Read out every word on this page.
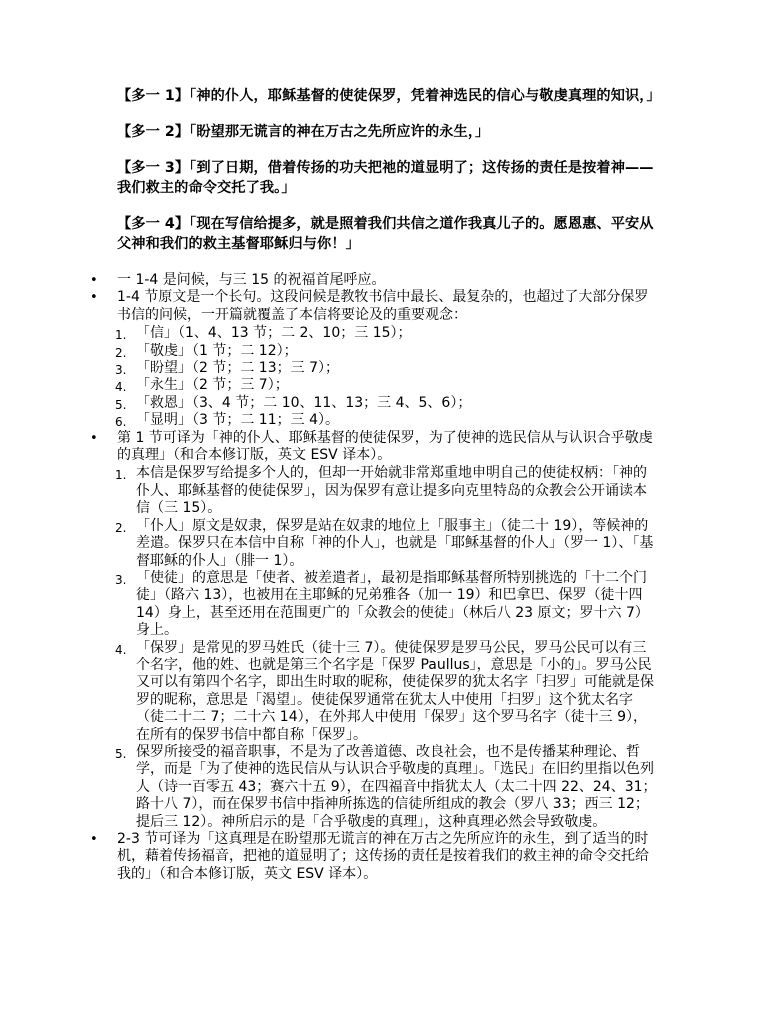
【多一 1】「神的仆人，耶稣基督的使徒保罗，凭着神选民的信心与敬虔真理的知识，」

【多一 2】「盼望那无谎言的神在万古之先所应许的永生，」

【多一 3】「到了日期，借着传扬的功夫把祂的道显明了；这传扬的责任是按着神——我们救主的命令交托了我。」

【多一 4】「现在写信给提多，就是照着我们共信之道作我真儿子的。愿恩惠、平安从父神和我们的救主基督耶稣归与你！」

• 一 1-4 是问候，与三 15 的祝福首尾呼应。
• 1-4 节原文是一个长句。这段问候是教牧书信中最长、最复杂的，也超过了大部分保罗书信的问候，一开篇就覆盖了本信将要论及的重要观念：
1. 「信」（1、4、13 节；二 2、10；三 15）；
2. 「敬虔」（1 节；二 12）；
3. 「盼望」（2 节；二 13；三 7）；
4. 「永生」（2 节；三 7）；
5. 「救恩」（3、4 节；二 10、11、13；三 4、5、6）；
6. 「显明」（3 节；二 11；三 4）。
• 第 1 节可译为「神的仆人、耶稣基督的使徒保罗，为了使神的选民信从与认识合乎敬虔的真理」（和合本修订版，英文 ESV 译本）。
1. 本信是保罗写给提多个人的，但却一开始就非常郑重地申明自己的使徒权柄：「神的仆人、耶稣基督的使徒保罗」，因为保罗有意让提多向克里特岛的众教会公开诵读本信（三 15）。
2. 「仆人」原文是奴隶，保罗是站在奴隶的地位上「服事主」（徒二十 19），等候神的差遣。保罗只在本信中自称「神的仆人」，也就是「耶稣基督的仆人」（罗一 1）、「基督耶稣的仆人」（腓一 1）。
3. 「使徒」的意思是「使者、被差遣者」，最初是指耶稣基督所特别挑选的「十二个门徒」（路六 13），也被用在主耶稣的兄弟雅各（加一 19）和巴拿巴、保罗（徒十四 14）身上，甚至还用在范围更广的「众教会的使徒」（林后八 23 原文；罗十六 7）身上。
4. 「保罗」是常见的罗马姓氏（徒十三 7）。使徒保罗是罗马公民，罗马公民可以有三个名字，他的姓、也就是第三个名字是「保罗 Paullus」，意思是「小的」。罗马公民又可以有第四个名字，即出生时取的昵称，使徒保罗的犹太名字「扫罗」可能就是保罗的昵称，意思是「渴望」。使徒保罗通常在犹太人中使用「扫罗」这个犹太名字（徒二十二 7；二十六 14），在外邦人中使用「保罗」这个罗马名字（徒十三 9），在所有的保罗书信中都自称「保罗」。
5. 保罗所接受的福音职事，不是为了改善道德、改良社会，也不是传播某种理论、哲学，而是「为了使神的选民信从与认识合乎敬虔的真理」。「选民」在旧约里指以色列人（诗一百零五 43；赛六十五 9），在四福音中指犹太人（太二十四 22、24、31；路十八 7），而在保罗书信中指神所拣选的信徒所组成的教会（罗八 33；西三 12；提后三 12）。神所启示的是「合乎敬虔的真理」，这种真理必然会导致敬虔。
• 2-3 节可译为「这真理是在盼望那无谎言的神在万古之先所应许的永生，到了适当的时机，藉着传扬福音，把祂的道显明了；这传扬的责任是按着我们的救主神的命令交托给我的」（和合本修订版，英文 ESV 译本）。
